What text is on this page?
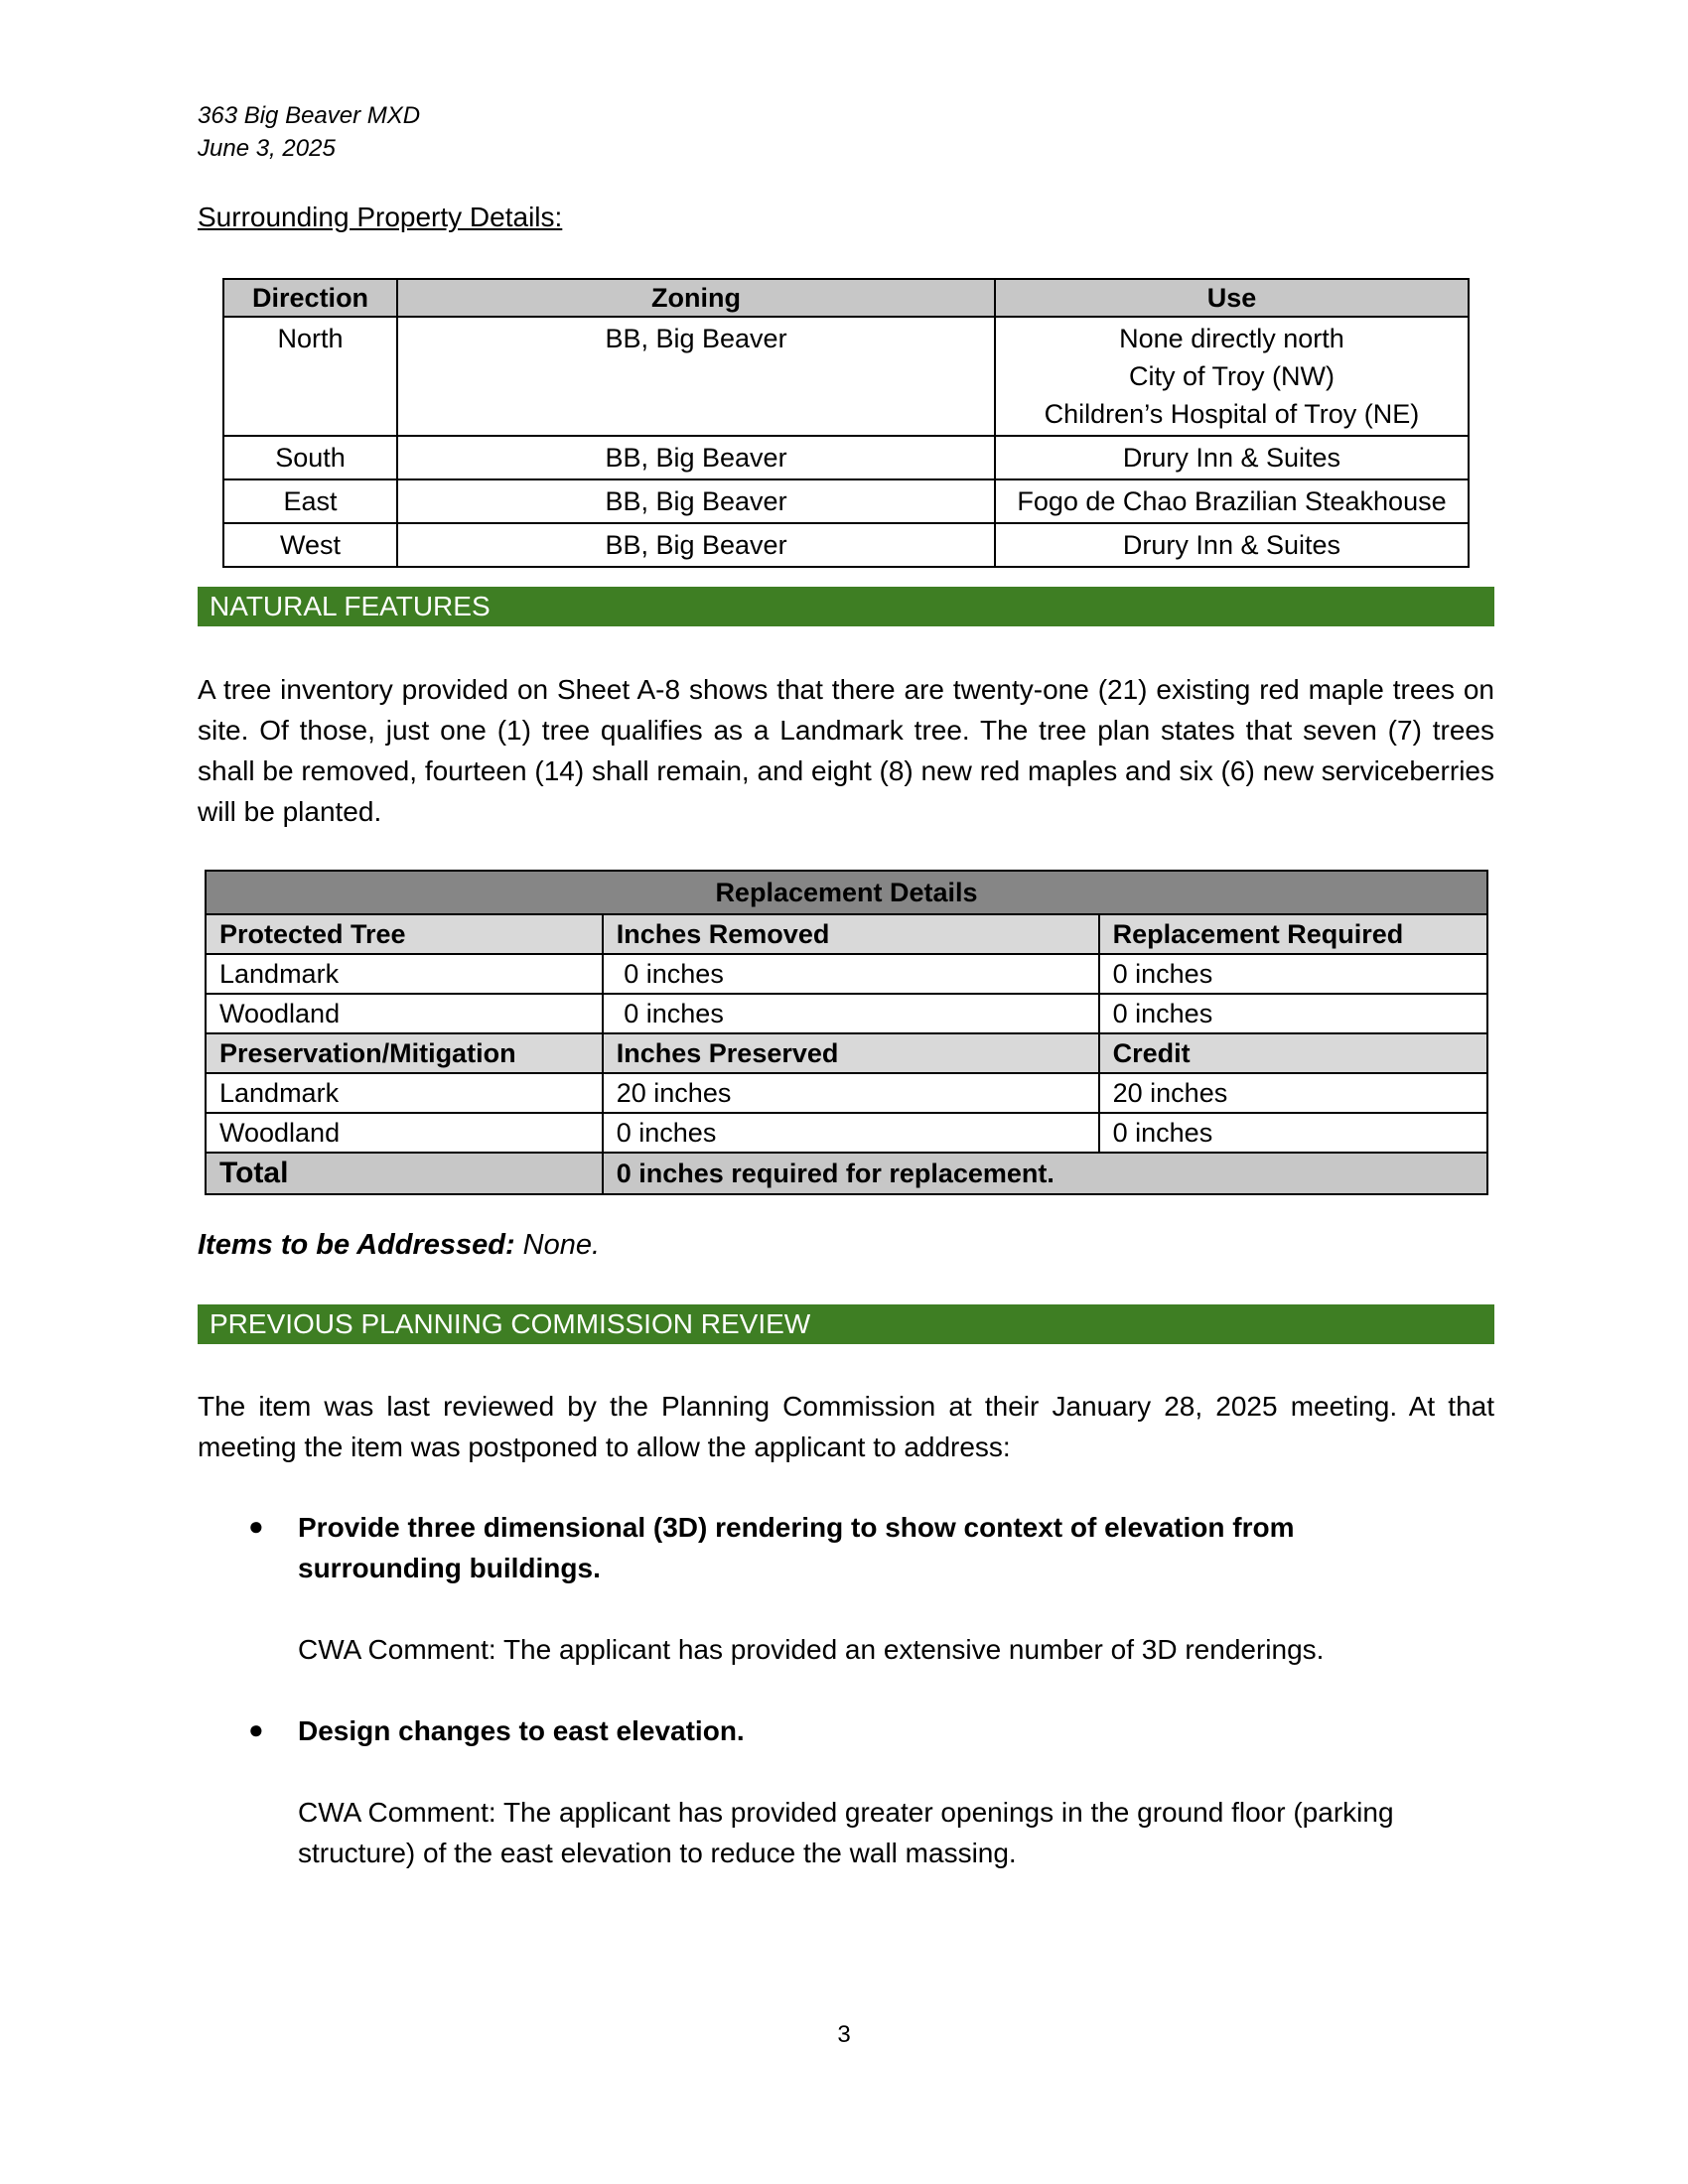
363 Big Beaver MXD
June 3, 2025
Surrounding Property Details:
Direction	Zoning	Use
North	BB, Big Beaver	None directly north
City of Troy (NW)
Children’s Hospital of Troy (NE)

South	BB, Big Beaver	Drury Inn & Suites
East	BB, Big Beaver	Fogo de Chao Brazilian Steakhouse
West	BB, Big Beaver	Drury Inn & Suites
NATURAL FEATURES
A tree inventory provided on Sheet A-8 shows that there are twenty-one (21) existing red maple trees on site. Of those, just one (1) tree qualifies as a Landmark tree. The tree plan states that seven (7) trees shall be removed, fourteen (14) shall remain, and eight (8) new red maples and six (6) new serviceberries will be planted.
Replacement Details		
Protected Tree	Inches Removed	Replacement Required
Landmark	0 inches	0 inches
Woodland	0 inches	0 inches
Preservation/Mitigation	Inches Preserved	Credit
Landmark	20 inches	20 inches
Woodland	0 inches	0 inches
Total	0 inches required for replacement.	
Items to be Addressed: None.
PREVIOUS PLANNING COMMISSION REVIEW
The item was last reviewed by the Planning Commission at their January 28, 2025 meeting. At that meeting the item was postponed to allow the applicant to address:
● Provide three dimensional (3D) rendering to show context of elevation from surrounding buildings.
CWA Comment: The applicant has provided an extensive number of 3D renderings.
● Design changes to east elevation.
CWA Comment: The applicant has provided greater openings in the ground floor (parking structure) of the east elevation to reduce the wall massing.
3
